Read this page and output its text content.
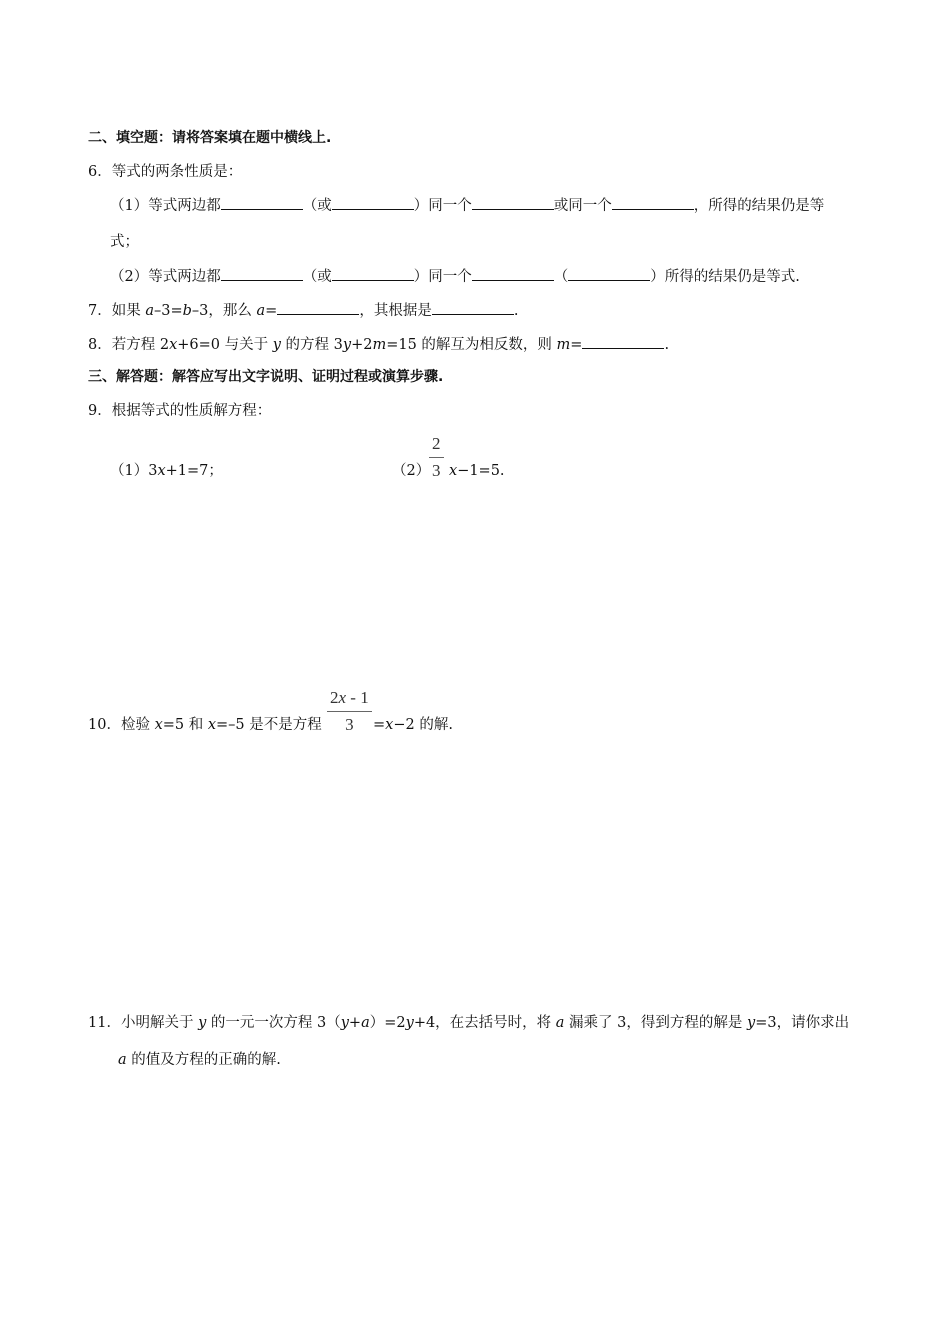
二、填空题：请将答案填在题中横线上.
6．等式的两条性质是：
（1）等式两边都	（或	）同一个	或同一个	，所得的结果仍是等
式；
（2）等式两边都	（或	）同一个	（	）所得的结果仍是等式.
7．如果 a–3=b–3，那么 a=	，其根据是	.
8．若方程 2x+6=0 与关于 y 的方程 3y+2m=15 的解互为相反数，则 m=	.
三、解答题：解答应写出文字说明、证明过程或演算步骤.
9．根据等式的性质解方程：
（1）3x+1=7；	（2）
2
3 x−1=5.
10．检验 x=5 和 x=–5 是不是方程
2x - 1
3	=x−2 的解.
11．小明解关于 y 的一元一次方程 3（y+a）=2y+4，在去括号时，将 a 漏乘了 3，得到方程的解是 y=3，请你求出
a 的值及方程的正确的解.
